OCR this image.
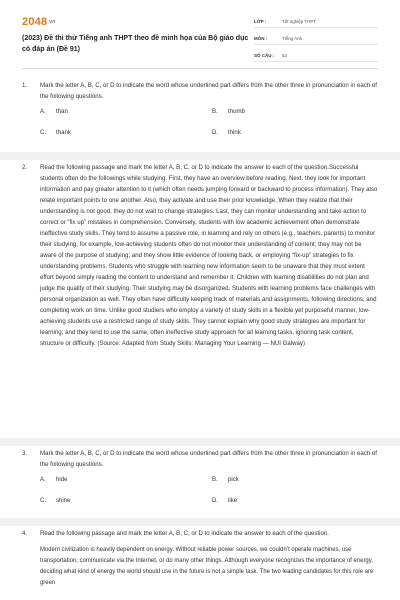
2048 vn
(2023) Đề thi thử Tiếng anh THPT theo đề minh họa của Bộ giáo dục có đáp án (Đề 91)
LỚP :	Tốt nghiệp THPT
MÔN :	Tiếng Anh
SỐ CÂU :	53
1. Mark the letter A, B, C, or D to indicate the word whose underlined part differs from the other three in pronunciation in each of the following questions.
A. than	B. thumb
C. thank	D. think
2. Read the following passage and mark the letter A, B, C, or D to indicate the answer to each of the question.Successful students often do the followings while studying. First, they have an overview before reading. Next, they look for important information and pay greater attention to it (which often needs jumping forward or backward to process information). They also relate important points to one another. Also, they activate and use their prior knowledge. When they realize that their understanding is not good, they do not wait to change strategies. Last, they can monitor understanding and take action to correct or “fix up” mistakes in comprehension. Conversely, students with low academic achievement often demonstrate ineffective study skills. They tend to assume a passive role, in learning and rely on others (e.g., teachers, parents) to monitor their studying, for example, low-achieving students often do not monitor their understanding of content; they may not be aware of the purpose of studying; and they show little evidence of looking back, or employing “fix-up” strategies to fix understanding problems. Students who struggle with learning new information seem to be unaware that they must extent effort beyond simply reading the content to understand and remember it. Children with learning disabilities do not plan and judge the quality of their studying. Their studying may be disorganized. Students with learning problems face challenges with personal organization as well. They often have difficulty keeping track of materials and assignments, following directions, and completing work on time. Unlike good studiers who employ a variety of study skills in a flexible yet purposeful manner, low-achieving students use a restricted range of study skills. They cannot explain why good study strategies are important for learning; and they tend to use the same, often ineffective study approach for all learning tasks, ignoring task content, structure or difficulty. (Source: Adapted from Study Skills: Managing Your Learning — NUI Galway)
3. Mark the letter A, B, C, or D to indicate the word whose underlined part differs from the other three in pronunciation in each of the following questions.
A. hide	B. pick
C. shine	D. like
4. Read the following passage and mark the letter A, B, C, or D to indicate the answer to each of the question.

Modern civilization is heavily dependent on energy. Without reliable power sources, we couldn’t operate machines, use transportation, communicate via the Internet, or do many other things. Although everyone recognizes the importance of energy, deciding what kind of energy the world should use in the future is not a simple task. The two leading candidates for this role are green
